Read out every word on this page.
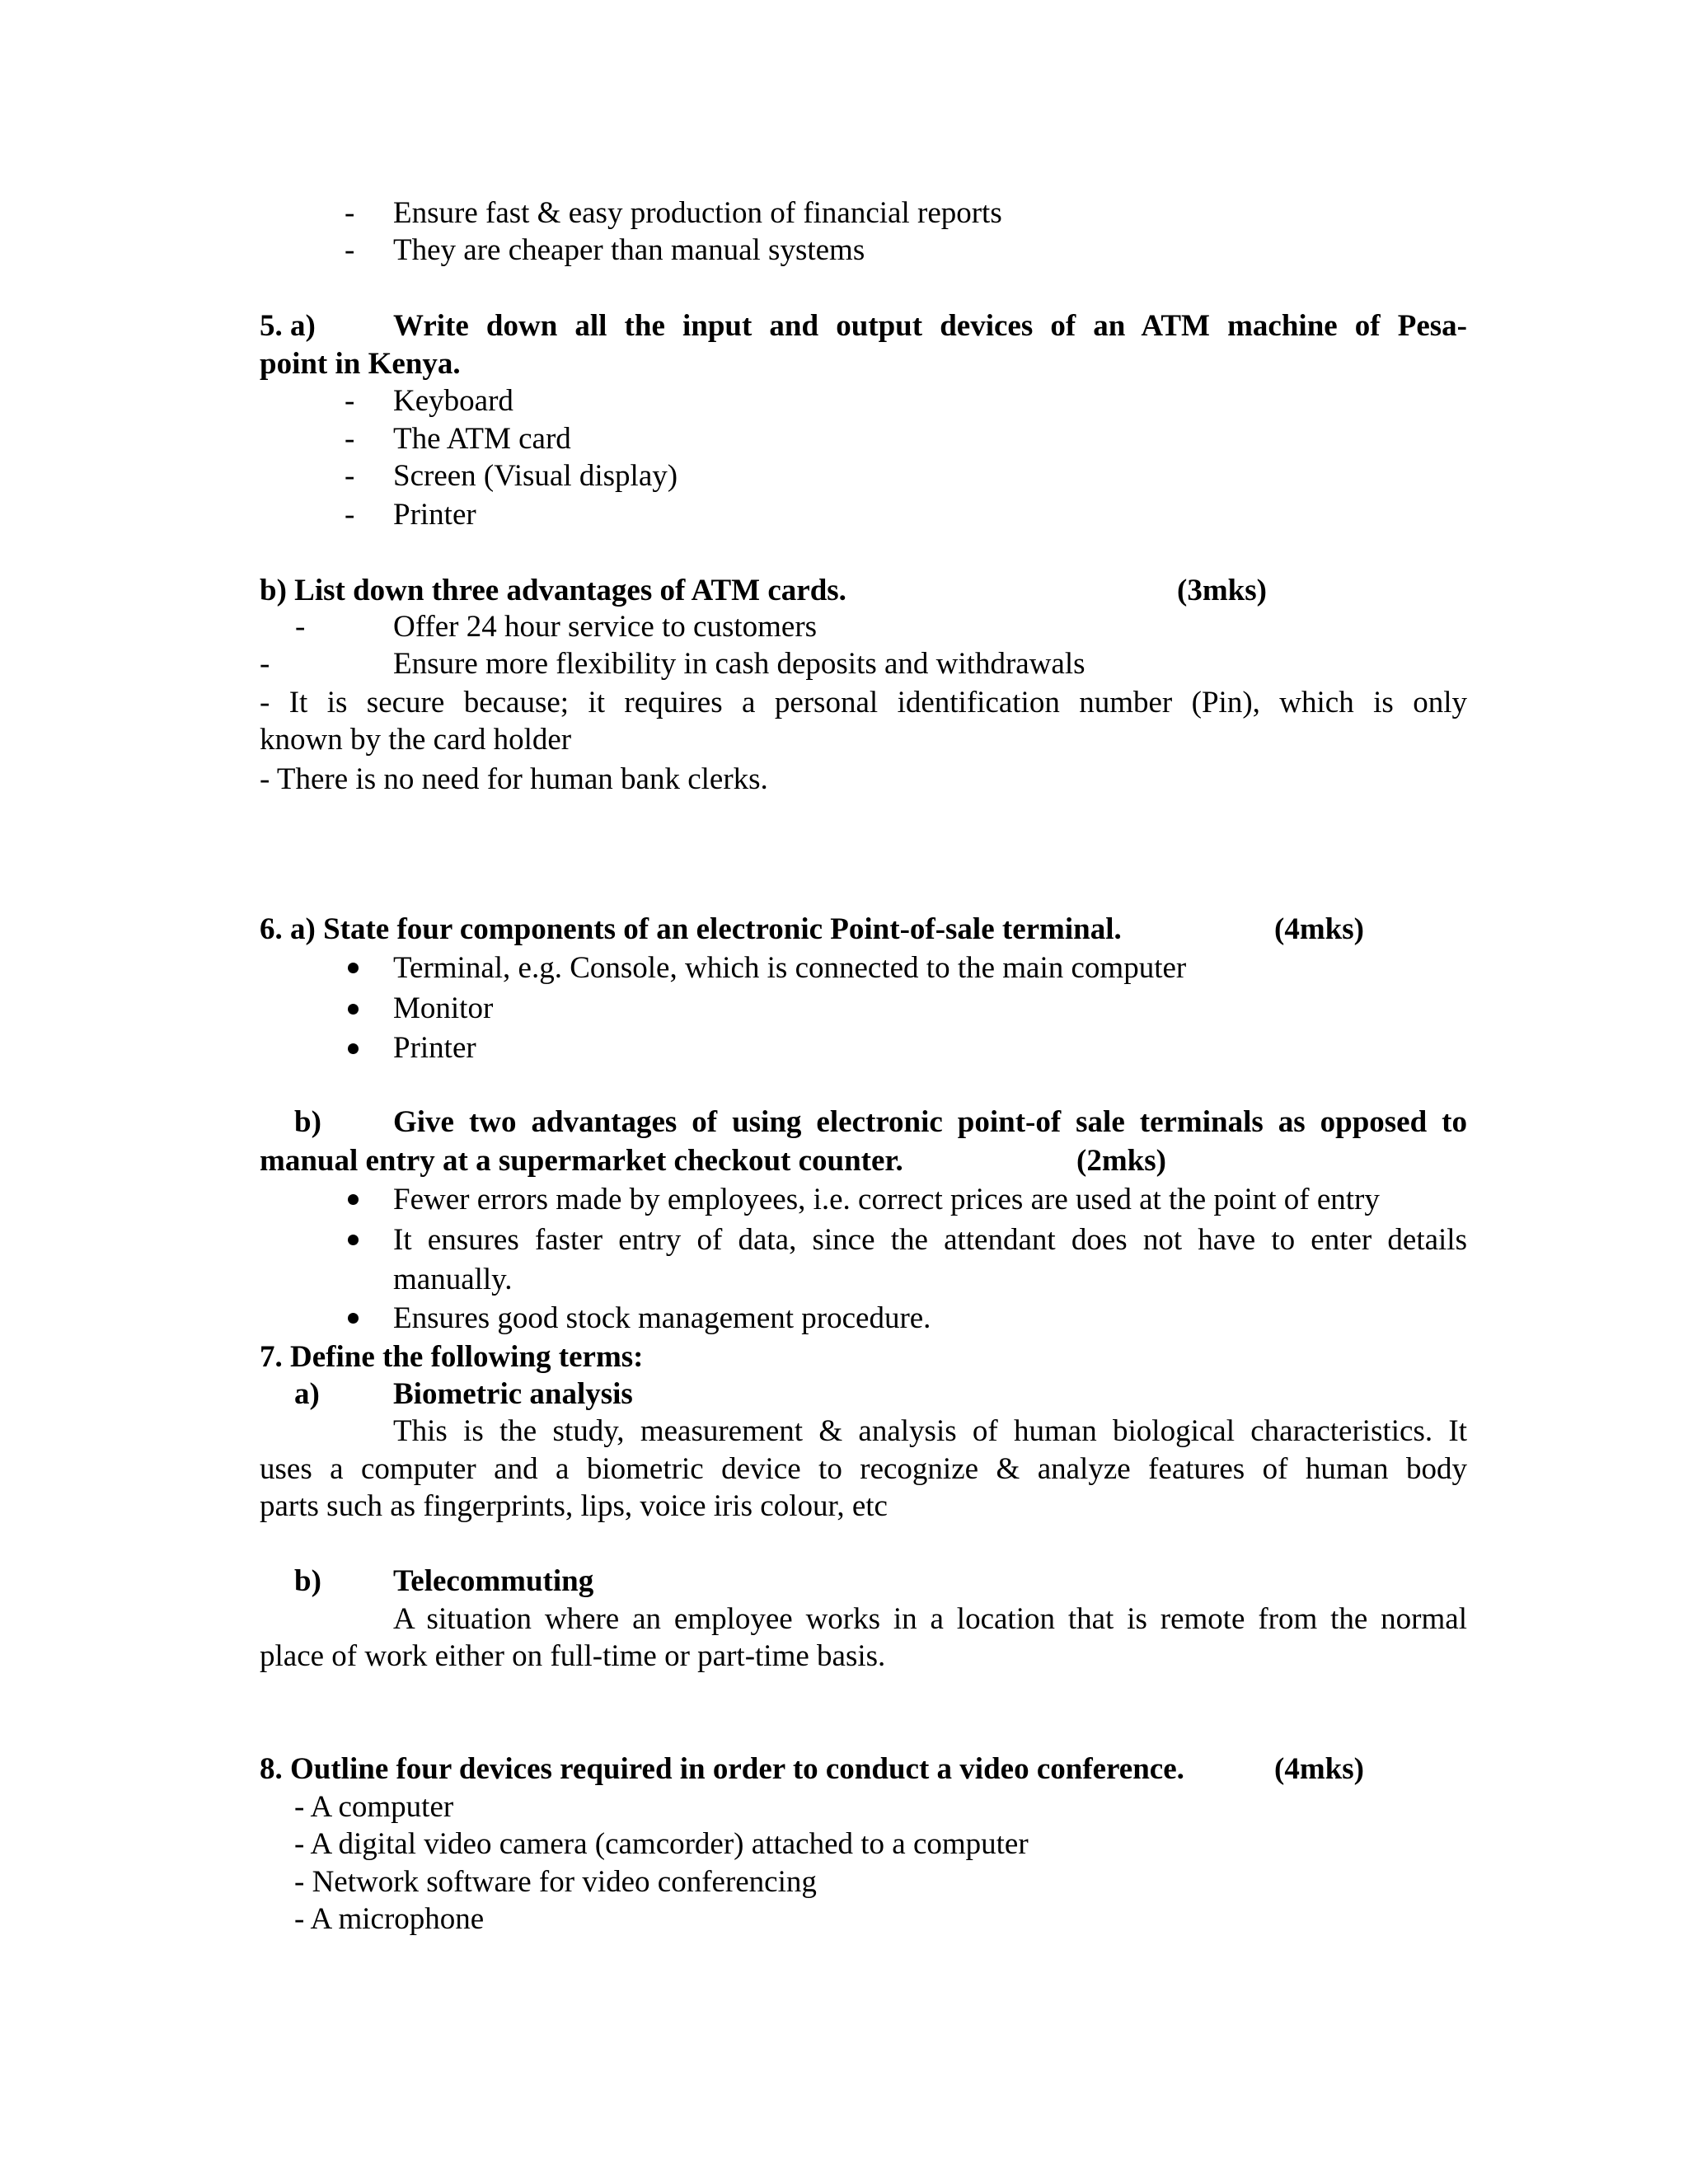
- Ensure fast & easy production of financial reports
- They are cheaper than manual systems
5. a)	Write down all the input and output devices of an ATM machine of Pesa-
point in Kenya.
- Keyboard
- The ATM card
- Screen (Visual display)
- Printer
b) List down three advantages of ATM cards.	(3mks)
-	Offer 24 hour service to customers
-	Ensure more flexibility in cash deposits and withdrawals
- It is secure because; it requires a personal identification number (Pin), which is only
known by the card holder
- There is no need for human bank clerks.
6. a) State four components of an electronic Point-of-sale terminal.	(4mks)
Terminal, e.g. Console, which is connected to the main computer
Monitor
Printer
b) Give two advantages of using electronic point-of sale terminals as opposed to
manual entry at a supermarket checkout counter.	(2mks)
Fewer errors made by employees, i.e. correct prices are used at the point of entry
It ensures faster entry of data, since the attendant does not have to enter details
manually.
Ensures good stock management procedure.
7. Define the following terms:
a) Biometric analysis
This is the study, measurement & analysis of human biological characteristics. It
uses a computer and a biometric device to recognize & analyze features of human body
parts such as fingerprints, lips, voice iris colour, etc
b) Telecommuting
A situation where an employee works in a location that is remote from the normal
place of work either on full-time or part-time basis.
8. Outline four devices required in order to conduct a video conference.	(4mks)
- A computer
- A digital video camera (camcorder) attached to a computer
- Network software for video conferencing
- A microphone
